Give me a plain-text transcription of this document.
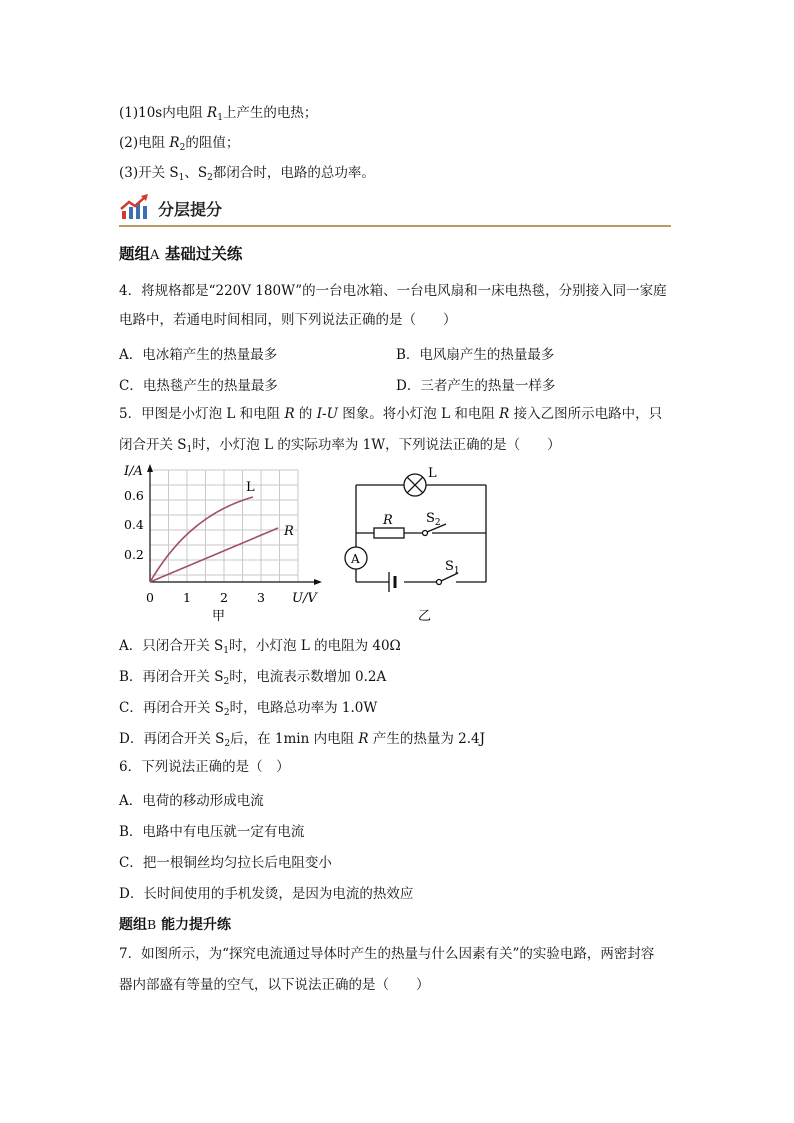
(1)10s内电阻 $R_1$上产生的电热；
(2)电阻 $R_2$的阻值；
(3)开关 $S_1$、$S_2$都闭合时，电路的总功率。
分层提分
题组A 基础过关练
4．将规格都是“220V 180W”的一台电冰箱、一台电风扇和一床电热毯，分别接入同一家庭
电路中，若通电时间相同，则下列说法正确的是（　　）
A．电冰箱产生的热量最多	B．电风扇产生的热量最多
C．电热毯产生的热量最多	D．三者产生的热量一样多
5．甲图是小灯泡 L 和电阻 R 的 I-U 图象。将小灯泡 L 和电阻 R 接入乙图所示电路中，只
闭合开关 $S_1$时，小灯泡 L 的实际功率为 1W，下列说法正确的是（　　）
I/A
0.6
0.4
0.2
0 1 2 3 U/V
L
R
甲
L
R	$S_2$
A	$S_1$
乙
A．只闭合开关 $S_1$时，小灯泡 L 的电阻为 40Ω
B．再闭合开关 $S_2$时，电流表示数增加 0.2A
C．再闭合开关 $S_2$时，电路总功率为 1.0W
D．再闭合开关 $S_2$后，在 1min 内电阻 R 产生的热量为 2.4J
6．下列说法正确的是（　）
A．电荷的移动形成电流
B．电路中有电压就一定有电流
C．把一根铜丝均匀拉长后电阻变小
D．长时间使用的手机发烫，是因为电流的热效应
题组B 能力提升练
7．如图所示，为“探究电流通过导体时产生的热量与什么因素有关”的实验电路，两密封容
器内部盛有等量的空气，以下说法正确的是（　　）
